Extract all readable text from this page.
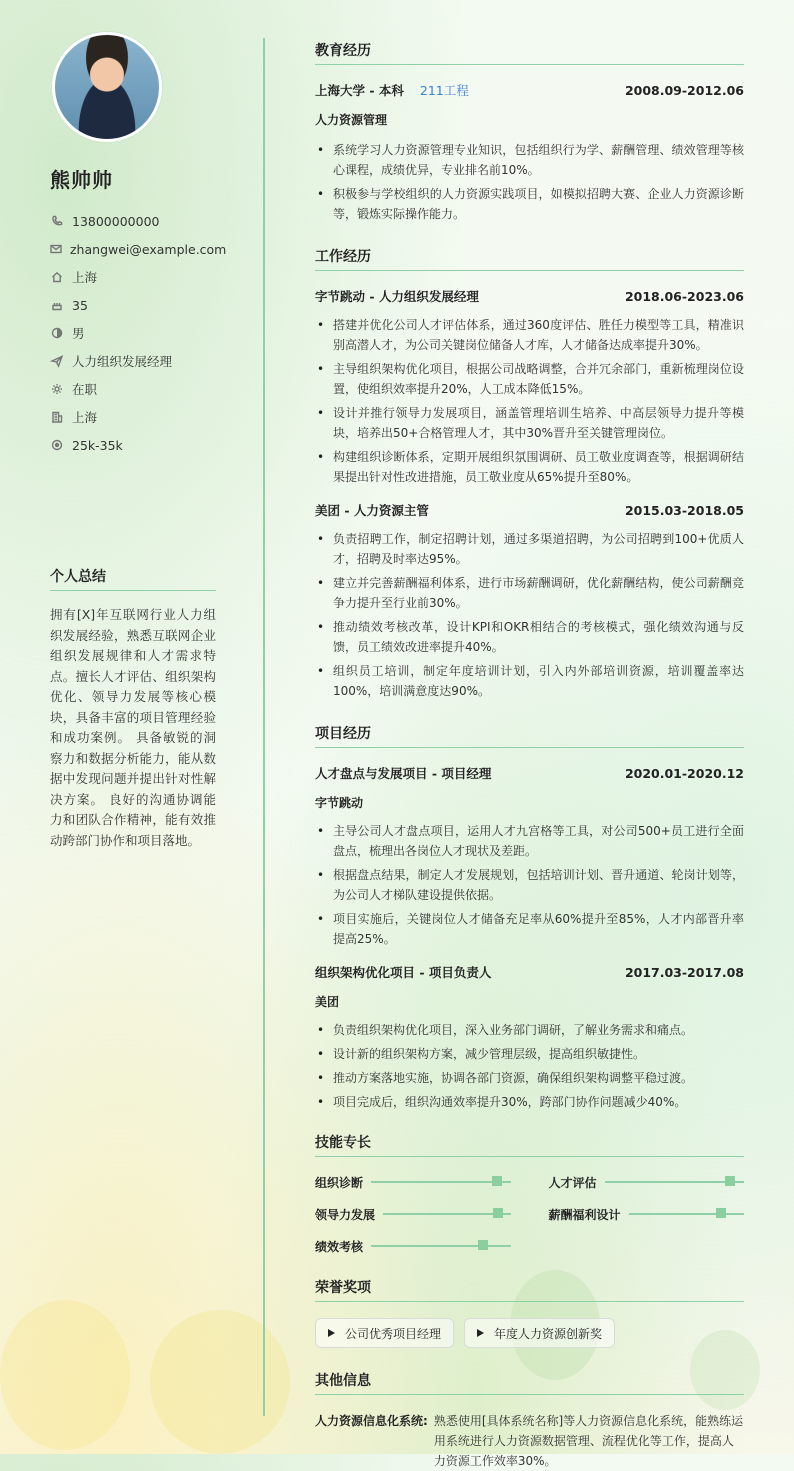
熊帅帅
13800000000
zhangwei@example.com
上海
35
男
人力组织发展经理
在职
上海
25k-35k
个人总结

拥有[X]年互联网行业人力组织发展经验，熟悉互联网企业组织发展规律和人才需求特点。擅长人才评估、组织架构优化、领导力发展等核心模块，具备丰富的项目管理经验和成功案例。 具备敏锐的洞察力和数据分析能力，能从数据中发现问题并提出针对性解决方案。 良好的沟通协调能力和团队合作精神，能有效推动跨部门协作和项目落地。

教育经历
上海大学 - 本科 211工程	2008.09-2012.06
人力资源管理
• 系统学习人力资源管理专业知识，包括组织行为学、薪酬管理、绩效管理等核心课程，成绩优异，专业排名前10%。
• 积极参与学校组织的人力资源实践项目，如模拟招聘大赛、企业人力资源诊断等，锻炼实际操作能力。
工作经历
字节跳动 - 人力组织发展经理	2018.06-2023.06
• 搭建并优化公司人才评估体系，通过360度评估、胜任力模型等工具，精准识别高潜人才，为公司关键岗位储备人才库，人才储备达成率提升30%。
• 主导组织架构优化项目，根据公司战略调整，合并冗余部门，重新梳理岗位设置，使组织效率提升20%，人工成本降低15%。
• 设计并推行领导力发展项目，涵盖管理培训生培养、中高层领导力提升等模块，培养出50+合格管理人才，其中30%晋升至关键管理岗位。
• 构建组织诊断体系，定期开展组织氛围调研、员工敬业度调查等，根据调研结果提出针对性改进措施，员工敬业度从65%提升至80%。
美团 - 人力资源主管	2015.03-2018.05
• 负责招聘工作，制定招聘计划，通过多渠道招聘，为公司招聘到100+优质人才，招聘及时率达95%。
• 建立并完善薪酬福利体系，进行市场薪酬调研，优化薪酬结构，使公司薪酬竞争力提升至行业前30%。
• 推动绩效考核改革，设计KPI和OKR相结合的考核模式，强化绩效沟通与反馈，员工绩效改进率提升40%。
• 组织员工培训，制定年度培训计划，引入内外部培训资源，培训覆盖率达100%，培训满意度达90%。
项目经历
人才盘点与发展项目 - 项目经理	2020.01-2020.12
字节跳动
• 主导公司人才盘点项目，运用人才九宫格等工具，对公司500+员工进行全面盘点，梳理出各岗位人才现状及差距。
• 根据盘点结果，制定人才发展规划，包括培训计划、晋升通道、轮岗计划等，为公司人才梯队建设提供依据。
• 项目实施后，关键岗位人才储备充足率从60%提升至85%，人才内部晋升率提高25%。
组织架构优化项目 - 项目负责人	2017.03-2017.08
美团
• 负责组织架构优化项目，深入业务部门调研，了解业务需求和痛点。
• 设计新的组织架构方案，减少管理层级，提高组织敏捷性。
• 推动方案落地实施，协调各部门资源，确保组织架构调整平稳过渡。
• 项目完成后，组织沟通效率提升30%，跨部门协作问题减少40%。
技能专长
组织诊断	人才评估
领导力发展	薪酬福利设计
绩效考核
荣誉奖项
公司优秀项目经理	年度人力资源创新奖
其他信息
人力资源信息化系统: 熟悉使用[具体系统名称]等人力资源信息化系统，能熟练运用系统进行人力资源数据管理、流程优化等工作，提高人力资源工作效率30%。
